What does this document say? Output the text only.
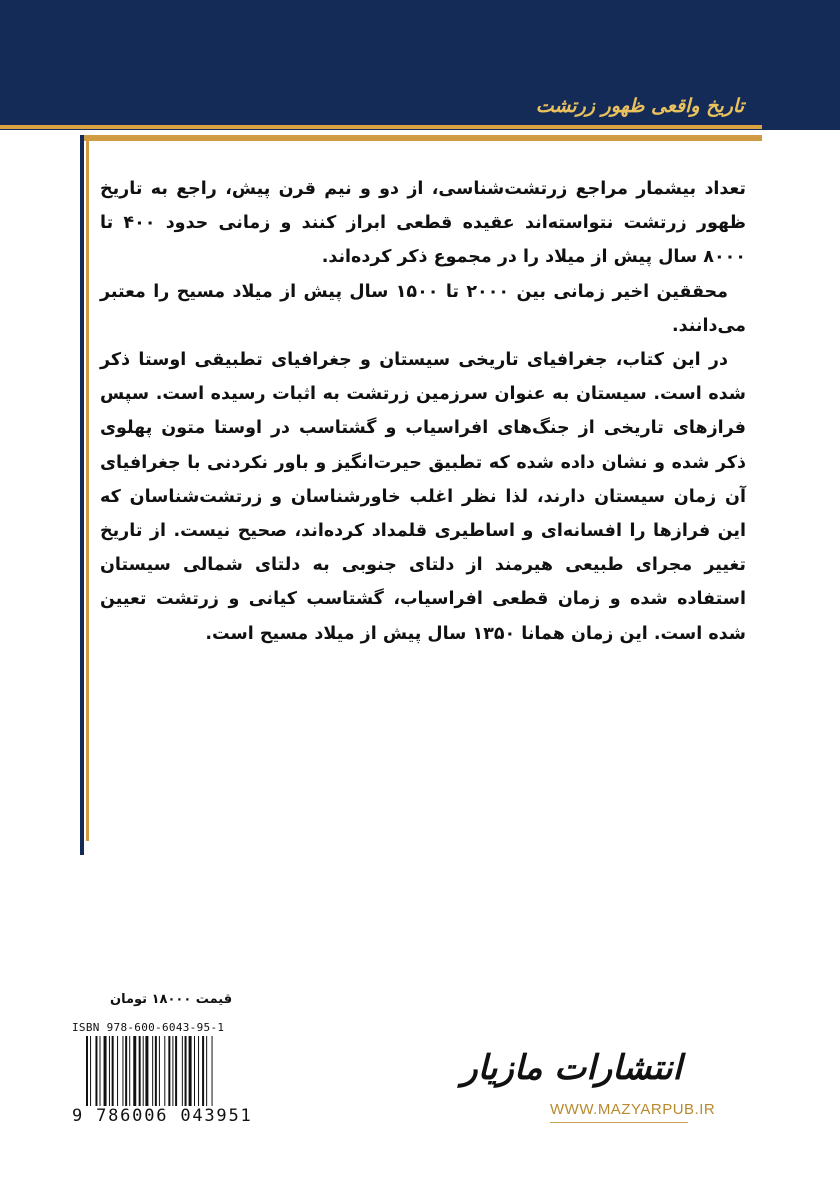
تاریخ واقعی ظهور زرتشت

تعداد بیشمار مراجع زرتشت‌شناسی، از دو و نیم قرن پیش، راجع به تاریخ ظهور زرتشت نتواسته‌اند عقیده قطعی ابراز کنند و زمانی حدود ۴۰۰ تا ۸۰۰۰ سال پیش از میلاد را در مجموع ذکر کرده‌اند.

محققین اخیر زمانی بین ۲۰۰۰ تا ۱۵۰۰ سال پیش از میلاد مسیح را معتبر می‌دانند.

در این کتاب، جغرافیای تاریخی سیستان و جغرافیای تطبیقی اوستا ذکر شده است. سیستان به عنوان سرزمین زرتشت به اثبات رسیده است. سپس فرازهای تاریخی از جنگ‌های افراسیاب و گشتاسب در اوستا متون پهلوی ذکر شده و نشان داده شده که تطبیق حیرت‌انگیز و باور نکردنی با جغرافیای آن زمان سیستان دارند، لذا نظر اغلب خاورشناسان و زرتشت‌شناسان که این فرازها را افسانه‌ای و اساطیری قلمداد کرده‌اند، صحیح نیست. از تاریخ تغییر مجرای طبیعی هیرمند از دلتای جنوبی به دلتای شمالی سیستان استفاده شده و زمان قطعی افراسیاب، گشتاسب کیانی و زرتشت تعیین شده است. این زمان همانا ۱۳۵۰ سال پیش از میلاد مسیح است.

قیمت ۱۸۰۰۰ تومان
ISBN 978-600-6043-95-1
9 786006 043951
انتشارات مازیار
WWW.MAZYARPUB.IR
